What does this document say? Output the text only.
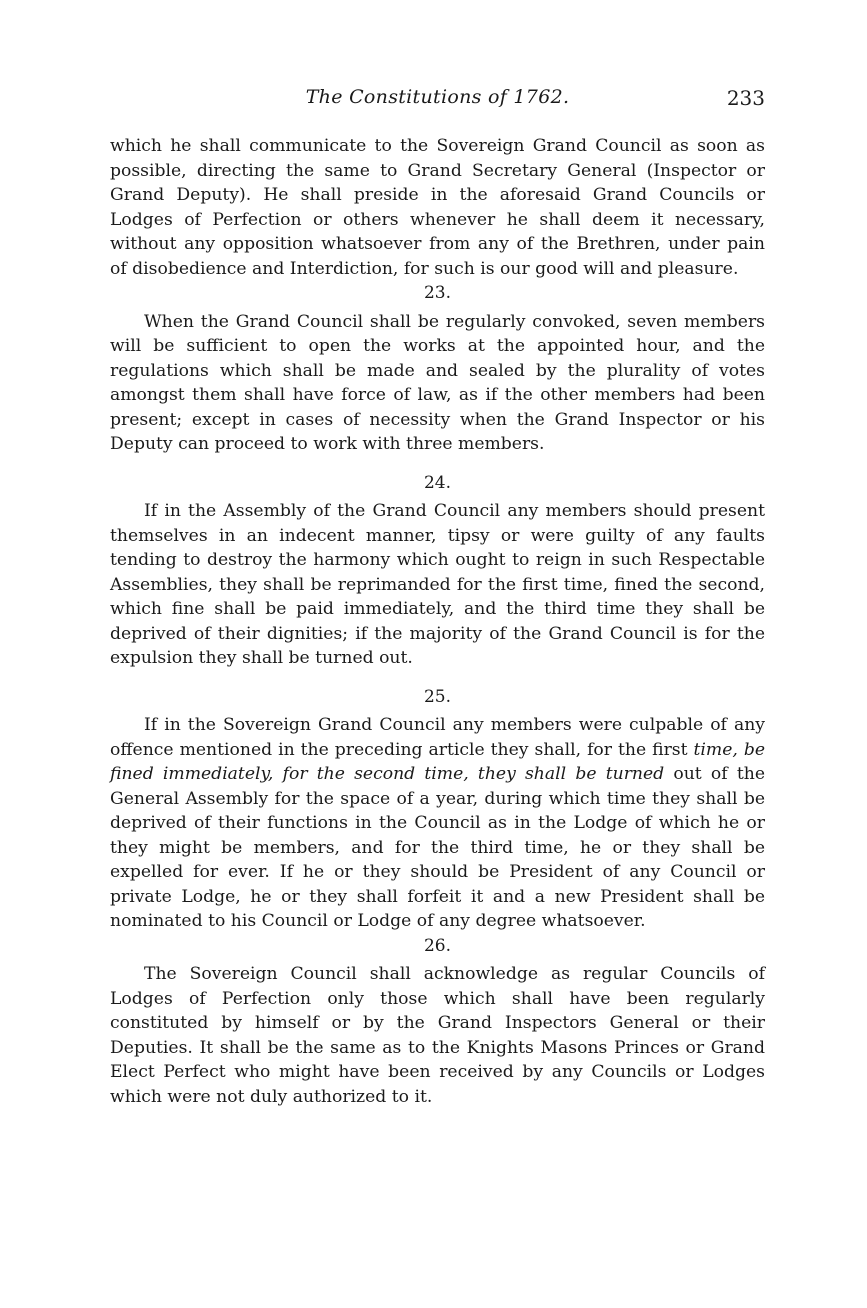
The Constitutions of 1762.	233

which he shall communicate to the Sovereign Grand Council as soon as possible, directing the same to Grand Secretary General (Inspector or Grand Deputy). He shall preside in the aforesaid Grand Councils or Lodges of Perfection or others whenever he shall deem it necessary, without any opposition whatsoever from any of the Brethren, under pain of disobedience and Interdiction, for such is our good will and pleasure.

23.

When the Grand Council shall be regularly convoked, seven members will be sufficient to open the works at the appointed hour, and the regulations which shall be made and sealed by the plurality of votes amongst them shall have force of law, as if the other members had been present; except in cases of necessity when the Grand Inspector or his Deputy can proceed to work with three members.

24.

If in the Assembly of the Grand Council any members should present themselves in an indecent manner, tipsy or were guilty of any faults tending to destroy the harmony which ought to reign in such Respectable Assemblies, they shall be reprimanded for the first time, fined the second, which fine shall be paid immediately, and the third time they shall be deprived of their dignities; if the majority of the Grand Council is for the expulsion they shall be turned out.

25.

If in the Sovereign Grand Council any members were culpable of any offence mentioned in the preceding article they shall, for the first time, be fined immediately, for the second time, they shall be turned out of the General Assembly for the space of a year, during which time they shall be deprived of their functions in the Council as in the Lodge of which he or they might be members, and for the third time, he or they shall be expelled for ever. If he or they should be President of any Council or private Lodge, he or they shall forfeit it and a new President shall be nominated to his Council or Lodge of any degree whatsoever.

26.

The Sovereign Council shall acknowledge as regular Councils of Lodges of Perfection only those which shall have been regularly constituted by himself or by the Grand Inspectors General or their Deputies. It shall be the same as to the Knights Masons Princes or Grand Elect Perfect who might have been received by any Councils or Lodges which were not duly authorized to it.
